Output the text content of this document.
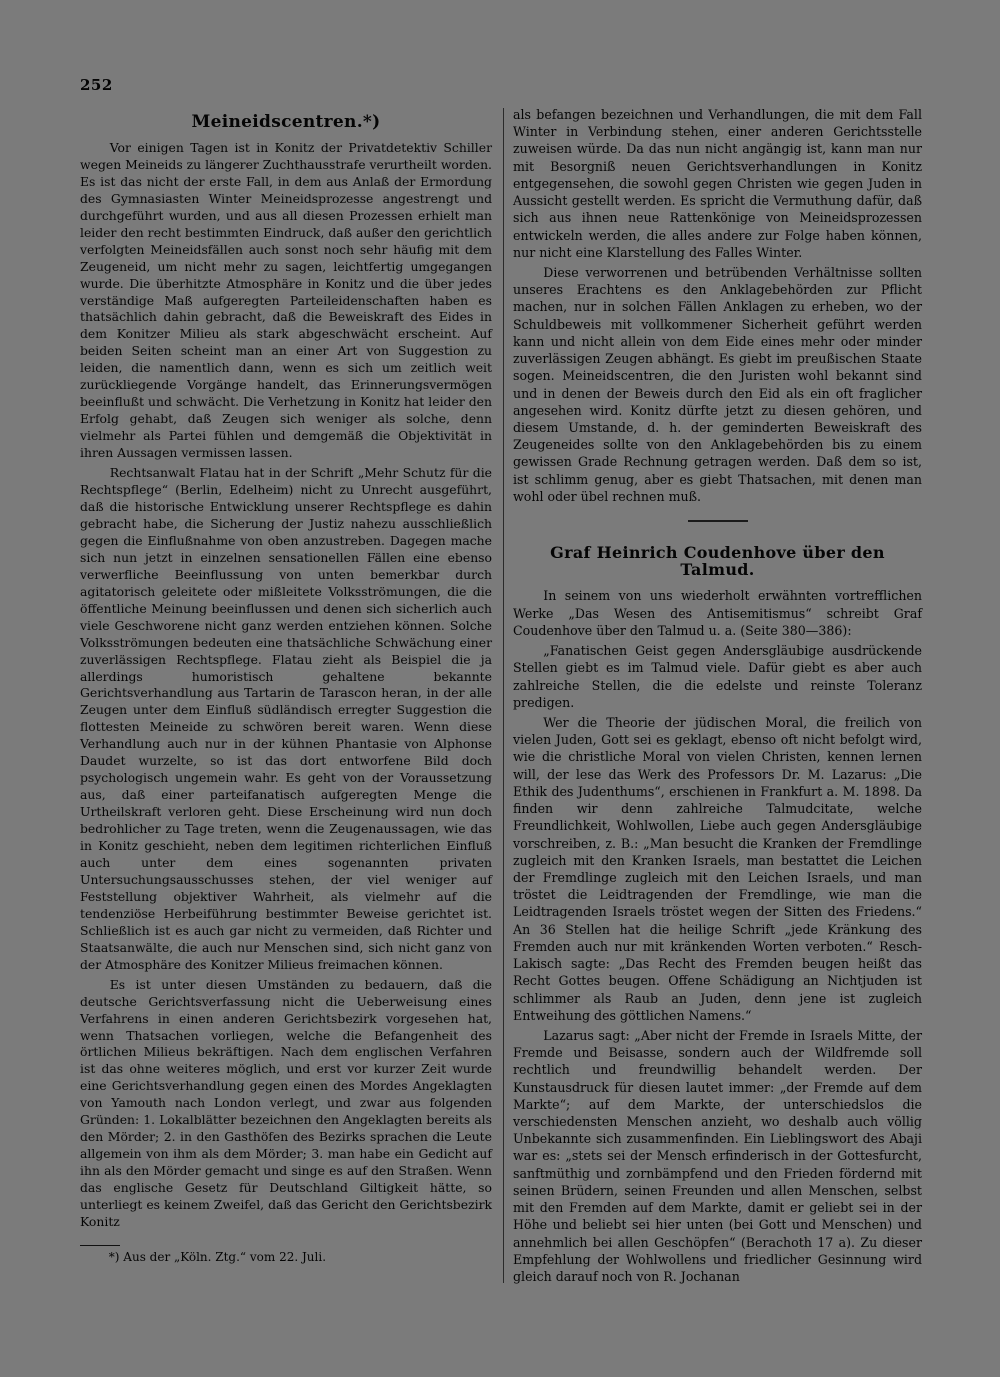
252
Meineidscentren.*)

Vor einigen Tagen ist in Konitz der Privatdetektiv Schiller wegen Meineids zu längerer Zuchthausstrafe verurtheilt worden. Es ist das nicht der erste Fall, in dem aus Anlaß der Ermordung des Gymnasiasten Winter Meineidsprozesse angestrengt und durchgeführt wurden, und aus all diesen Prozessen erhielt man leider den recht bestimmten Eindruck, daß außer den gerichtlich verfolgten Meineidsfällen auch sonst noch sehr häufig mit dem Zeugeneid, um nicht mehr zu sagen, leichtfertig umgegangen wurde. Die überhitzte Atmosphäre in Konitz und die über jedes verständige Maß aufgeregten Parteileidenschaften haben es thatsächlich dahin gebracht, daß die Beweiskraft des Eides in dem Konitzer Milieu als stark abgeschwächt erscheint. Auf beiden Seiten scheint man an einer Art von Suggestion zu leiden, die namentlich dann, wenn es sich um zeitlich weit zurückliegende Vorgänge handelt, das Erinnerungsvermögen beeinflußt und schwächt. Die Verhetzung in Konitz hat leider den Erfolg gehabt, daß Zeugen sich weniger als solche, denn vielmehr als Partei fühlen und demgemäß die Objektivität in ihren Aussagen vermissen lassen.

Rechtsanwalt Flatau hat in der Schrift „Mehr Schutz für die Rechtspflege“ (Berlin, Edelheim) nicht zu Unrecht ausgeführt, daß die historische Entwicklung unserer Rechtspflege es dahin gebracht habe, die Sicherung der Justiz nahezu ausschließlich gegen die Einflußnahme von oben anzustreben. Dagegen mache sich nun jetzt in einzelnen sensationellen Fällen eine ebenso verwerfliche Beeinflussung von unten bemerkbar durch agitatorisch geleitete oder mißleitete Volksströmungen, die die öffentliche Meinung beeinflussen und denen sich sicherlich auch viele Geschworene nicht ganz werden entziehen können. Solche Volksströmungen bedeuten eine thatsächliche Schwächung einer zuverlässigen Rechtspflege. Flatau zieht als Beispiel die ja allerdings humoristisch gehaltene bekannte Gerichtsverhandlung aus Tartarin de Tarascon heran, in der alle Zeugen unter dem Einfluß südländisch erregter Suggestion die flottesten Meineide zu schwören bereit waren. Wenn diese Verhandlung auch nur in der kühnen Phantasie von Alphonse Daudet wurzelte, so ist das dort entworfene Bild doch psychologisch ungemein wahr. Es geht von der Voraussetzung aus, daß einer parteifanatisch aufgeregten Menge die Urtheilskraft verloren geht. Diese Erscheinung wird nun doch bedrohlicher zu Tage treten, wenn die Zeugenaussagen, wie das in Konitz geschieht, neben dem legitimen richterlichen Einfluß auch unter dem eines sogenannten privaten Untersuchungsausschusses stehen, der viel weniger auf Feststellung objektiver Wahrheit, als vielmehr auf die tendenziöse Herbeiführung bestimmter Beweise gerichtet ist. Schließlich ist es auch gar nicht zu vermeiden, daß Richter und Staatsanwälte, die auch nur Menschen sind, sich nicht ganz von der Atmosphäre des Konitzer Milieus freimachen können.

Es ist unter diesen Umständen zu bedauern, daß die deutsche Gerichtsverfassung nicht die Ueberweisung eines Verfahrens in einen anderen Gerichtsbezirk vorgesehen hat, wenn Thatsachen vorliegen, welche die Befangenheit des örtlichen Milieus bekräftigen. Nach dem englischen Verfahren ist das ohne weiteres möglich, und erst vor kurzer Zeit wurde eine Gerichtsverhandlung gegen einen des Mordes Angeklagten von Yamouth nach London verlegt, und zwar aus folgenden Gründen: 1. Lokalblätter bezeichnen den Angeklagten bereits als den Mörder; 2. in den Gasthöfen des Bezirks sprachen die Leute allgemein von ihm als dem Mörder; 3. man habe ein Gedicht auf ihn als den Mörder gemacht und singe es auf den Straßen. Wenn das englische Gesetz für Deutschland Giltigkeit hätte, so unterliegt es keinem Zweifel, daß das Gericht den Gerichtsbezirk Konitz

*) Aus der „Köln. Ztg.“ vom 22. Juli.

als befangen bezeichnen und Verhandlungen, die mit dem Fall Winter in Verbindung stehen, einer anderen Gerichtsstelle zuweisen würde. Da das nun nicht angängig ist, kann man nur mit Besorgniß neuen Gerichtsverhandlungen in Konitz entgegensehen, die sowohl gegen Christen wie gegen Juden in Aussicht gestellt werden. Es spricht die Vermuthung dafür, daß sich aus ihnen neue Rattenkönige von Meineidsprozessen entwickeln werden, die alles andere zur Folge haben können, nur nicht eine Klarstellung des Falles Winter.

Diese verworrenen und betrübenden Verhältnisse sollten unseres Erachtens es den Anklagebehörden zur Pflicht machen, nur in solchen Fällen Anklagen zu erheben, wo der Schuldbeweis mit vollkommener Sicherheit geführt werden kann und nicht allein von dem Eide eines mehr oder minder zuverlässigen Zeugen abhängt. Es giebt im preußischen Staate sogen. Meineidscentren, die den Juristen wohl bekannt sind und in denen der Beweis durch den Eid als ein oft fraglicher angesehen wird. Konitz dürfte jetzt zu diesen gehören, und diesem Umstande, d. h. der geminderten Beweiskraft des Zeugeneides sollte von den Anklagebehörden bis zu einem gewissen Grade Rechnung getragen werden. Daß dem so ist, ist schlimm genug, aber es giebt Thatsachen, mit denen man wohl oder übel rechnen muß.

Graf Heinrich Coudenhove über den Talmud.

In seinem von uns wiederholt erwähnten vortrefflichen Werke „Das Wesen des Antisemitismus“ schreibt Graf Coudenhove über den Talmud u. a. (Seite 380—386):

„Fanatischen Geist gegen Andersgläubige ausdrückende Stellen giebt es im Talmud viele. Dafür giebt es aber auch zahlreiche Stellen, die die edelste und reinste Toleranz predigen.

Wer die Theorie der jüdischen Moral, die freilich von vielen Juden, Gott sei es geklagt, ebenso oft nicht befolgt wird, wie die christliche Moral von vielen Christen, kennen lernen will, der lese das Werk des Professors Dr. M. Lazarus: „Die Ethik des Judenthums“, erschienen in Frankfurt a. M. 1898. Da finden wir denn zahlreiche Talmudcitate, welche Freundlichkeit, Wohlwollen, Liebe auch gegen Andersgläubige vorschreiben, z. B.: „Man besucht die Kranken der Fremdlinge zugleich mit den Kranken Israels, man bestattet die Leichen der Fremdlinge zugleich mit den Leichen Israels, und man tröstet die Leidtragenden der Fremdlinge, wie man die Leidtragenden Israels tröstet wegen der Sitten des Friedens.“ An 36 Stellen hat die heilige Schrift „jede Kränkung des Fremden auch nur mit kränkenden Worten verboten.“ Resch-Lakisch sagte: „Das Recht des Fremden beugen heißt das Recht Gottes beugen. Offene Schädigung an Nichtjuden ist schlimmer als Raub an Juden, denn jene ist zugleich Entweihung des göttlichen Namens.“

Lazarus sagt: „Aber nicht der Fremde in Israels Mitte, der Fremde und Beisasse, sondern auch der Wildfremde soll rechtlich und freundwillig behandelt werden. Der Kunstausdruck für diesen lautet immer: „der Fremde auf dem Markte“; auf dem Markte, der unterschiedslos die verschiedensten Menschen anzieht, wo deshalb auch völlig Unbekannte sich zusammenfinden. Ein Lieblingswort des Abaji war es: „stets sei der Mensch erfinderisch in der Gottesfurcht, sanftmüthig und zornbämpfend und den Frieden fördernd mit seinen Brüdern, seinen Freunden und allen Menschen, selbst mit den Fremden auf dem Markte, damit er geliebt sei in der Höhe und beliebt sei hier unten (bei Gott und Menschen) und annehmlich bei allen Geschöpfen“ (Berachoth 17 a). Zu dieser Empfehlung der Wohlwollens und friedlicher Gesinnung wird gleich darauf noch von R. Jochanan
